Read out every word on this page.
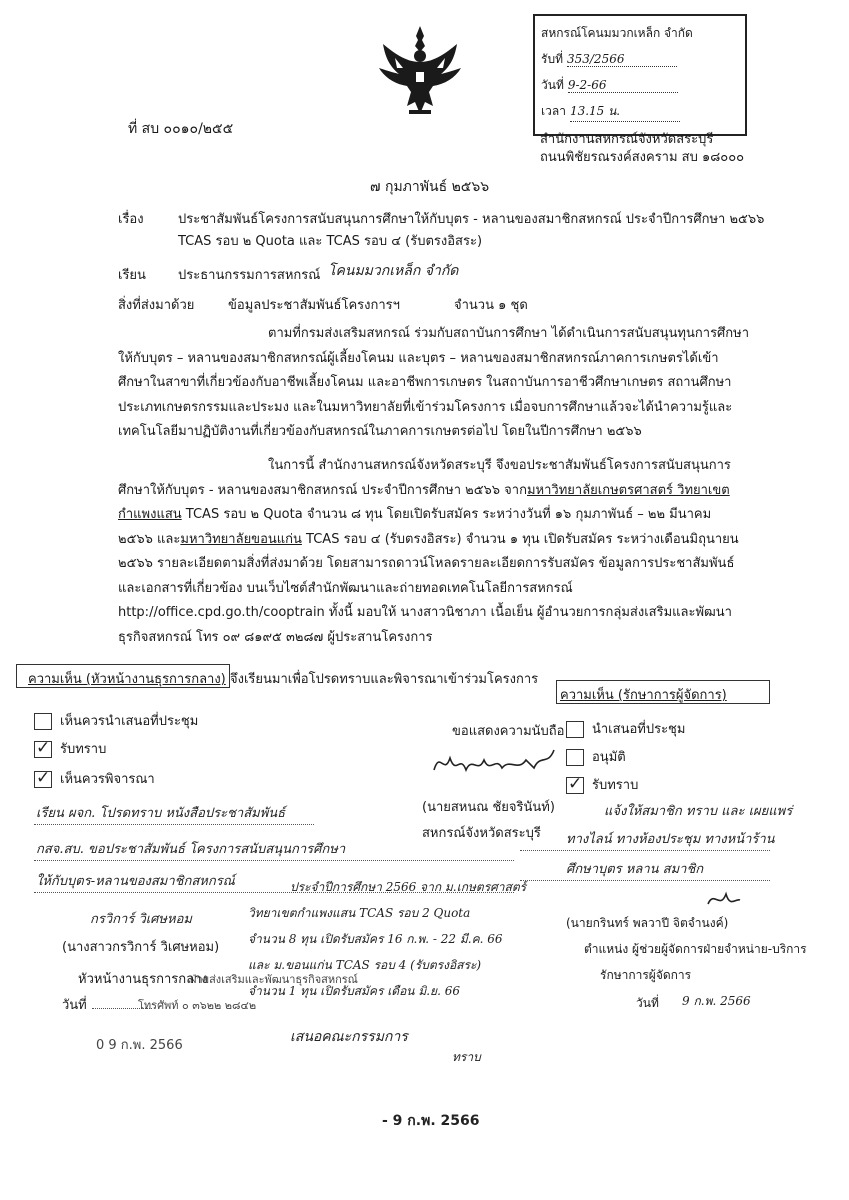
สหกรณ์โคนมมวกเหล็ก จำกัด
รับที่ 353/2566
วันที่ 9-2-66
เวลา 13.15 น.
ที่ สบ ๐๐๑๐/๒๕๕
สำนักงานสหกรณ์จังหวัดสระบุรี
ถนนพิชัยรณรงค์สงคราม สบ ๑๘๐๐๐
๗ กุมภาพันธ์ ๒๕๖๖
เรื่อง	ประชาสัมพันธ์โครงการสนับสนุนการศึกษาให้กับบุตร - หลานของสมาชิกสหกรณ์ ประจำปีการศึกษา ๒๕๖๖
TCAS รอบ ๒ Quota และ TCAS รอบ ๔ (รับตรงอิสระ)
เรียน ประธานกรรมการสหกรณ์ โคนมมวกเหล็ก จำกัด
สิ่งที่ส่งมาด้วย	ข้อมูลประชาสัมพันธ์โครงการฯ	จำนวน ๑ ชุด

ตามที่กรมส่งเสริมสหกรณ์ ร่วมกับสถาบันการศึกษา ได้ดำเนินการสนับสนุนทุนการศึกษาให้กับบุตร – หลานของสมาชิกสหกรณ์ผู้เลี้ยงโคนม และบุตร – หลานของสมาชิกสหกรณ์ภาคการเกษตรได้เข้าศึกษาในสาขาที่เกี่ยวข้องกับอาชีพเลี้ยงโคนม และอาชีพการเกษตร ในสถาบันการอาชีวศึกษาเกษตร สถานศึกษาประเภทเกษตรกรรมและประมง และในมหาวิทยาลัยที่เข้าร่วมโครงการ เมื่อจบการศึกษาแล้วจะได้นำความรู้และเทคโนโลยีมาปฏิบัติงานที่เกี่ยวข้องกับสหกรณ์ในภาคการเกษตรต่อไป โดยในปีการศึกษา ๒๕๖๖

ในการนี้ สำนักงานสหกรณ์จังหวัดสระบุรี จึงขอประชาสัมพันธ์โครงการสนับสนุนการศึกษาให้กับบุตร - หลานของสมาชิกสหกรณ์ ประจำปีการศึกษา ๒๕๖๖ จากมหาวิทยาลัยเกษตรศาสตร์ วิทยาเขตกำแพงแสน TCAS รอบ ๒ Quota จำนวน ๘ ทุน โดยเปิดรับสมัคร ระหว่างวันที่ ๑๖ กุมภาพันธ์ – ๒๒ มีนาคม ๒๕๖๖ และมหาวิทยาลัยขอนแก่น TCAS รอบ ๔ (รับตรงอิสระ) จำนวน ๑ ทุน เปิดรับสมัคร ระหว่างเดือนมิถุนายน ๒๕๖๖ รายละเอียดตามสิ่งที่ส่งมาด้วย โดยสามารถดาวน์โหลดรายละเอียดการรับสมัคร ข้อมูลการประชาสัมพันธ์ และเอกสารที่เกี่ยวข้อง บนเว็บไซต์สำนักพัฒนาและถ่ายทอดเทคโนโลยีการสหกรณ์ http://office.cpd.go.th/cooptrain ทั้งนี้ มอบให้ นางสาวนิชาภา เนื้อเย็น ผู้อำนวยการกลุ่มส่งเสริมและพัฒนาธุรกิจสหกรณ์ โทร ๐๙ ๘๑๙๕ ๓๒๘๗ ผู้ประสานโครงการ

จึงเรียนมาเพื่อโปรดทราบและพิจารณาเข้าร่วมโครงการ
ความเห็น (หัวหน้างานธุรการกลาง)
เห็นควรนำเสนอที่ประชุม
✓รับทราบ
✓เห็นควรพิจารณา
เรียน ผจก. โปรดทราบ หนังสือประชาสัมพันธ์
กสจ.สบ. ขอประชาสัมพันธ์ โครงการสนับสนุนการศึกษา
ให้กับบุตร-หลานของสมาชิกสหกรณ์
กรวิการ์ วิเศษหอม
(นางสาวกรวิการ์ วิเศษหอม)
หัวหน้างานธุรการกลาง
วันที่
0 9 ก.พ. 2566
ประจำปีการศึกษา 2566 จาก ม.เกษตรศาสตร์
วิทยาเขตกำแพงแสน TCAS รอบ 2 Quota
จำนวน 8 ทุน เปิดรับสมัคร 16 ก.พ. - 22 มี.ค. 66
และ ม.ขอนแก่น TCAS รอบ 4 (รับตรงอิสระ)
จำนวน 1 ทุน เปิดรับสมัคร เดือน มิ.ย. 66
ฝ่ายส่งเสริมและพัฒนาธุรกิจสหกรณ์
โทรศัพท์ ๐ ๓๖๒๒ ๒๘๔๒
ขอแสดงความนับถือ
(นายสหนณ ชัยจรินันท์)
สหกรณ์จังหวัดสระบุรี
ความเห็น (รักษาการผู้จัดการ)
นำเสนอที่ประชุม
อนุมัติ
✓รับทราบ
แจ้งให้สมาชิก ทราบ และ เผยแพร่
ทางไลน์ ทางห้องประชุม ทางหน้าร้าน
ศึกษาบุตร หลาน สมาชิก
(นายกรินทร์ พลวาปี จิตจำนงค์)
ตำแหน่ง ผู้ช่วยผู้จัดการฝ่ายจำหน่าย-บริการ
รักษาการผู้จัดการ
วันที่ 9 ก.พ. 2566
เสนอคณะกรรมการ
ทราบ
- 9 ก.พ. 2566
